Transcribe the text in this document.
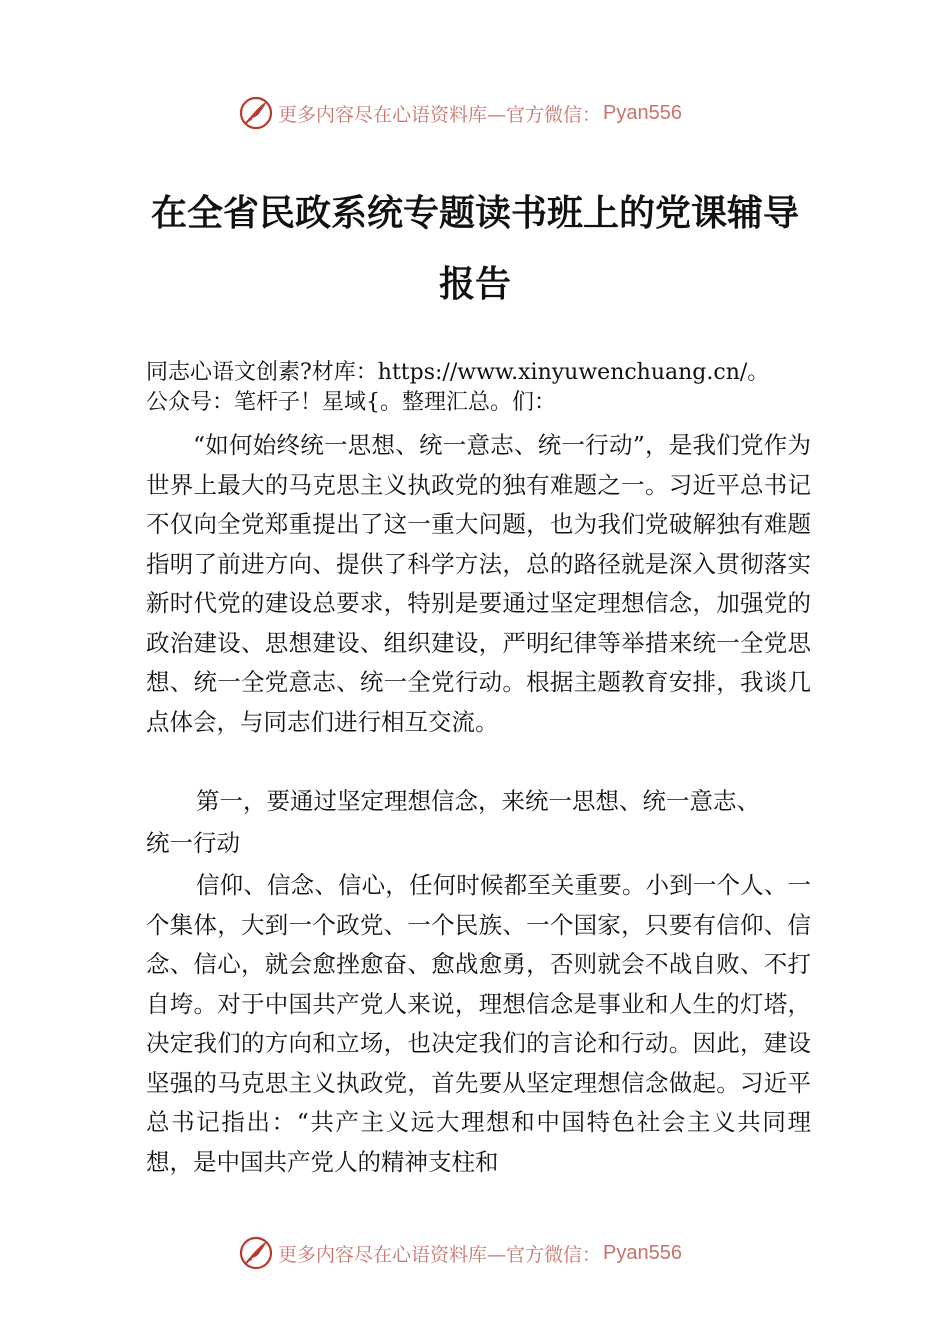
更多内容尽在心语资料库—官方微信： Pyan556
在全省民政系统专题读书班上的党课辅导
报告
同志心语文创素?材库：https://www.xinyuwenchuang.cn/。
公众号：笔杆子！星域{。整理汇总。们：

“如何始终统一思想、统一意志、统一行动”，是我们党作为世界上最大的马克思主义执政党的独有难题之一。习近平总书记不仅向全党郑重提出了这一重大问题，也为我们党破解独有难题指明了前进方向、提供了科学方法，总的路径就是深入贯彻落实新时代党的建设总要求，特别是要通过坚定理想信念，加强党的政治建设、思想建设、组织建设，严明纪律等举措来统一全党思想、统一全党意志、统一全党行动。根据主题教育安排，我谈几点体会，与同志们进行相互交流。

第一，要通过坚定理想信念，来统一思想、统一意志、
统一行动

信仰、信念、信心，任何时候都至关重要。小到一个人、一个集体，大到一个政党、一个民族、一个国家，只要有信仰、信念、信心，就会愈挫愈奋、愈战愈勇，否则就会不战自败、不打自垮。对于中国共产党人来说，理想信念是事业和人生的灯塔，决定我们的方向和立场，也决定我们的言论和行动。因此，建设坚强的马克思主义执政党，首先要从坚定理想信念做起。习近平总书记指出：“共产主义远大理想和中国特色社会主义共同理想，是中国共产党人的精神支柱和

更多内容尽在心语资料库—官方微信： Pyan556
